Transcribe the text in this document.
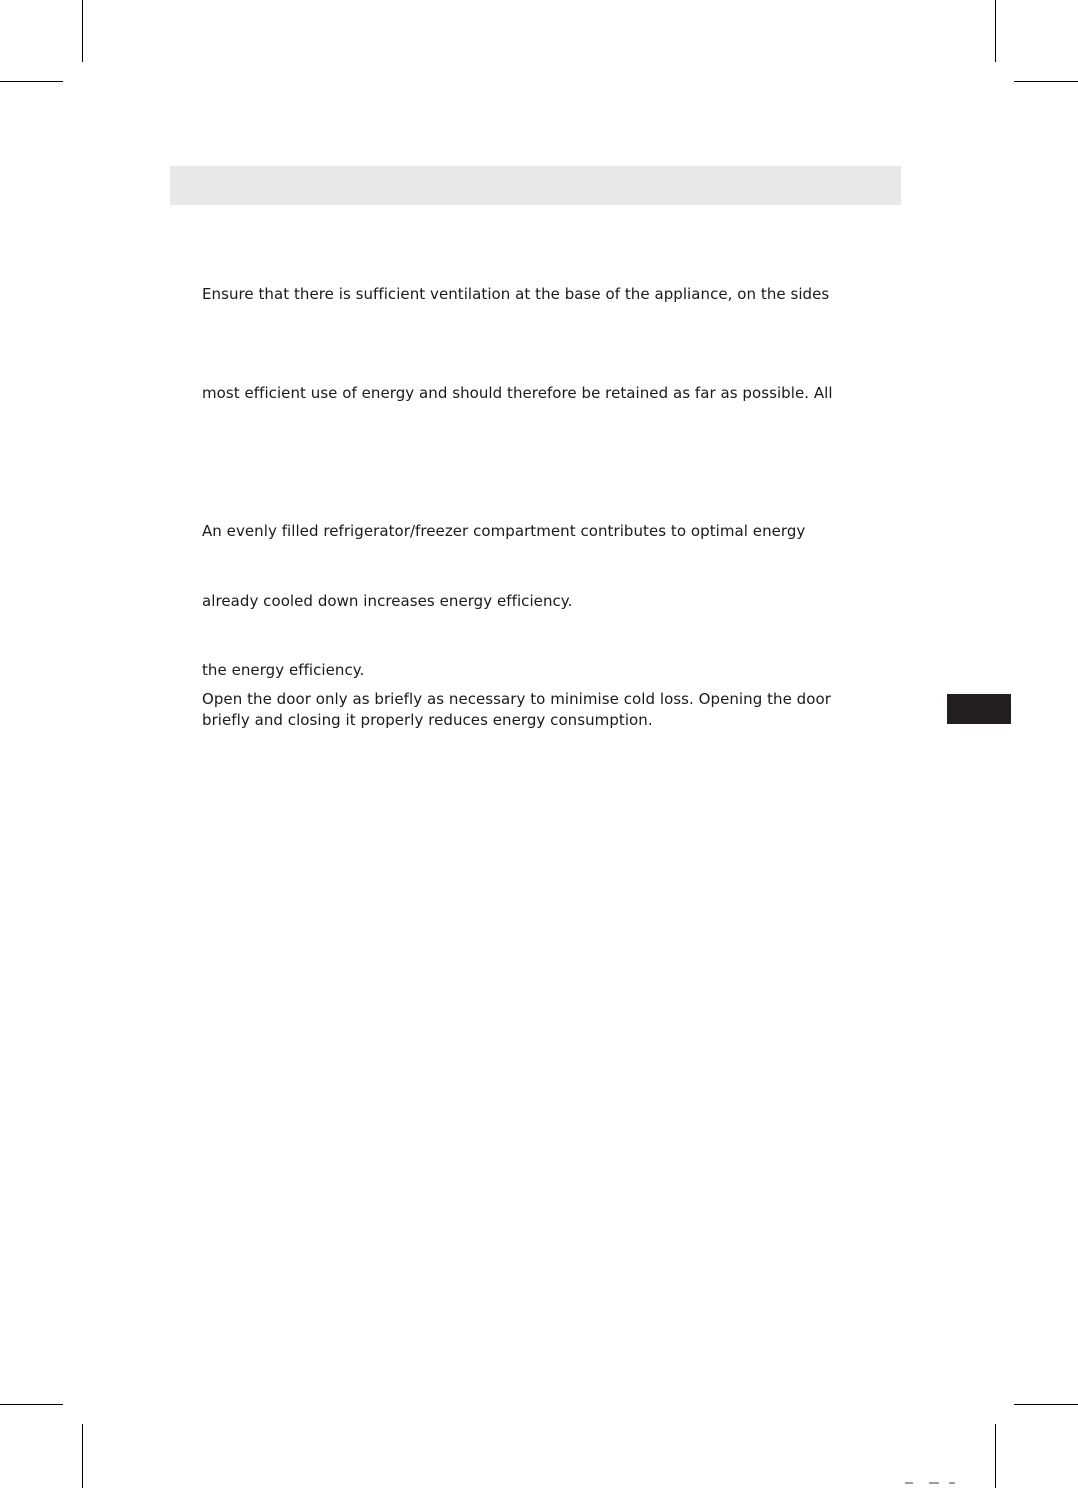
Ensure that there is sufficient ventilation at the base of the appliance, on the sides

most efficient use of energy and should therefore be retained as far as possible. All

An evenly filled refrigerator/freezer compartment contributes to optimal energy

already cooled down increases energy efficiency.

the energy efficiency.

Open the door only as briefly as necessary to minimise cold loss. Opening the door

briefly and closing it properly reduces energy consumption.
